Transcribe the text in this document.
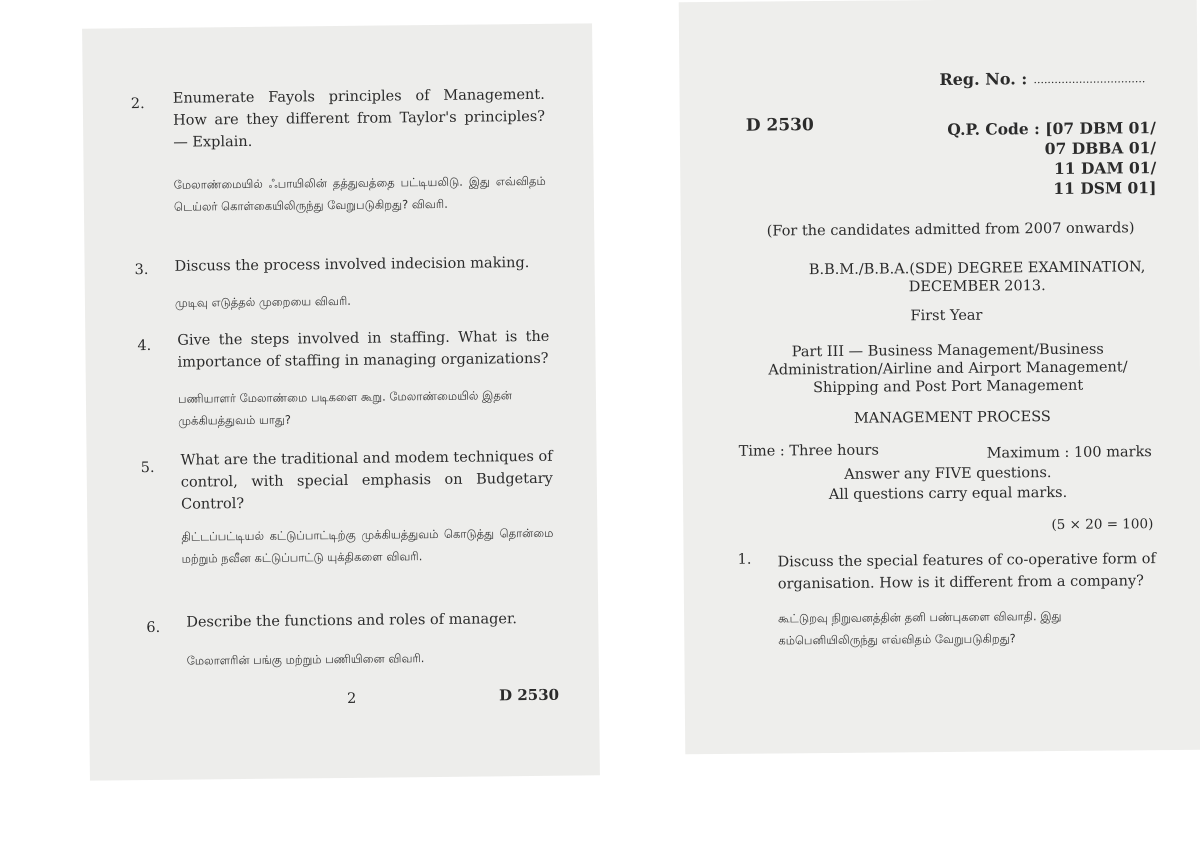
2. Enumerate Fayols principles of Management. How are they different from Taylor's principles? — Explain.
மேலாண்மையில் ஃபாயிலின் தத்துவத்தை பட்டியலிடு. இது எவ்விதம் டெய்லர் கொள்கையிலிருந்து வேறுபடுகிறது? விவரி.
3. Discuss the process involved indecision making.
முடிவு எடுத்தல் முறையை விவரி.
4. Give the steps involved in staffing. What is the importance of staffing in managing organizations?
பணியாளர் மேலாண்மை படிகளை கூறு. மேலாண்மையில் இதன் முக்கியத்துவம் யாது?
5. What are the traditional and modem techniques of control, with special emphasis on Budgetary Control?
திட்டப்பட்டியல் கட்டுப்பாட்டிற்கு முக்கியத்துவம் கொடுத்து தொன்மை மற்றும் நவீன கட்டுப்பாட்டு யுக்திகளை விவரி.
6. Describe the functions and roles of manager.
மேலாளரின் பங்கு மற்றும் பணியினை விவரி.
2	D 2530
Reg. No. : ................................
D 2530	Q.P. Code : [07 DBM 01/
07 DBBA 01/
11 DAM 01/
11 DSM 01]
(For the candidates admitted from 2007 onwards)
B.B.M./B.B.A.(SDE) DEGREE EXAMINATION,
DECEMBER 2013.
First Year
Part III — Business Management/Business
Administration/Airline and Airport Management/
Shipping and Post Port Management
MANAGEMENT PROCESS
Time : Three hours	Maximum : 100 marks
Answer any FIVE questions.
All questions carry equal marks.
(5 × 20 = 100)
1. Discuss the special features of co-operative form of organisation. How is it different from a company?
கூட்டுறவு நிறுவனத்தின் தனி பண்புகளை விவாதி. இது கம்பெனியிலிருந்து எவ்விதம் வேறுபடுகிறது?
